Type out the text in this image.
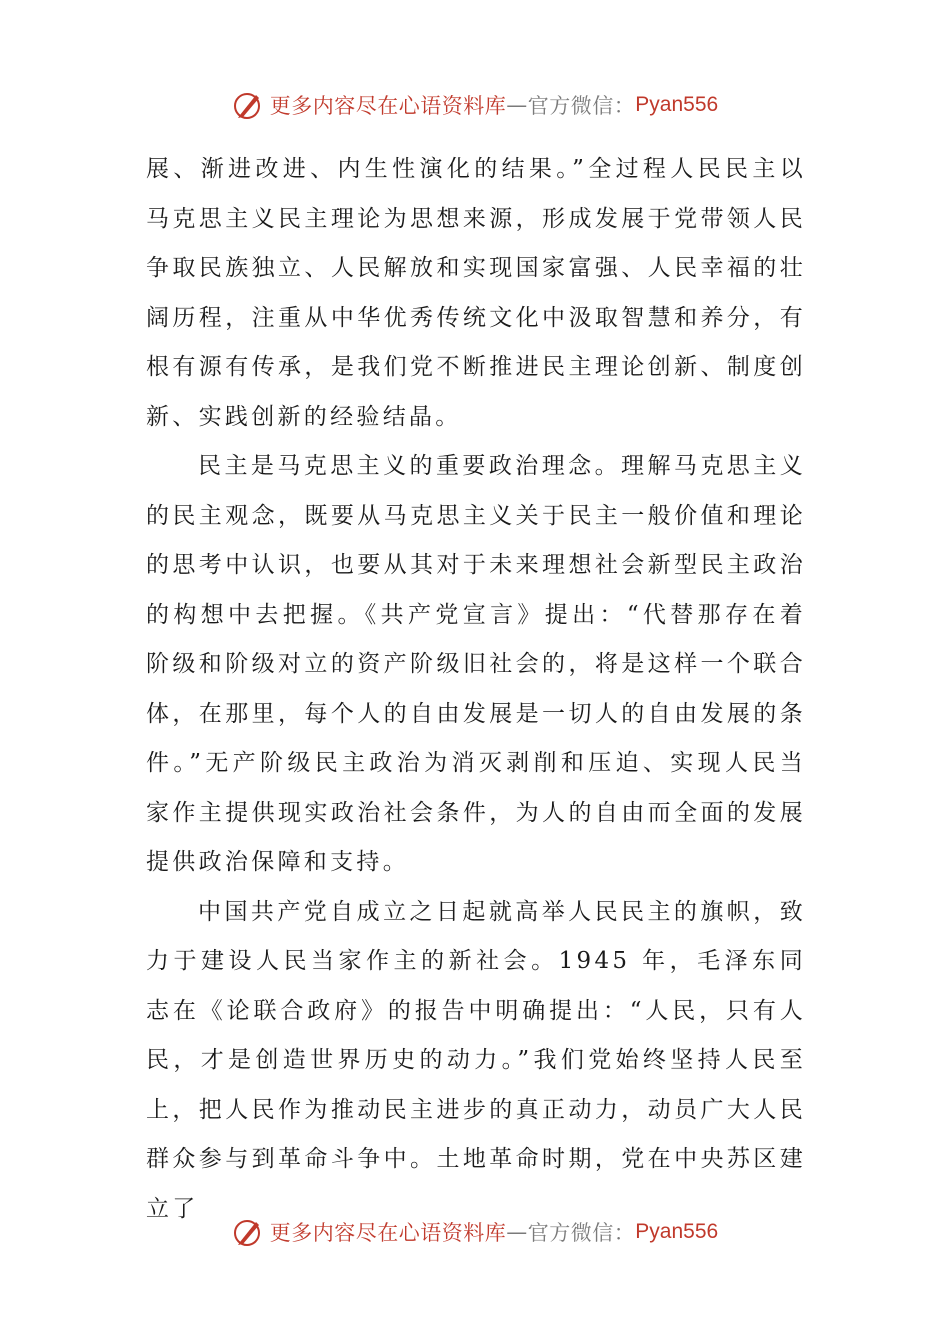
更多内容尽在心语资料库 — 官方微信： Pyan556

展、渐进改进、内生性演化的结果。”全过程人民民主以马克思主义民主理论为思想来源，形成发展于党带领人民争取民族独立、人民解放和实现国家富强、人民幸福的壮阔历程，注重从中华优秀传统文化中汲取智慧和养分，有根有源有传承，是我们党不断推进民主理论创新、制度创新、实践创新的经验结晶。

民主是马克思主义的重要政治理念。理解马克思主义的民主观念，既要从马克思主义关于民主一般价值和理论的思考中认识，也要从其对于未来理想社会新型民主政治的构想中去把握。《共产党宣言》提出：“代替那存在着阶级和阶级对立的资产阶级旧社会的，将是这样一个联合体，在那里，每个人的自由发展是一切人的自由发展的条件。”无产阶级民主政治为消灭剥削和压迫、实现人民当家作主提供现实政治社会条件，为人的自由而全面的发展提供政治保障和支持。

中国共产党自成立之日起就高举人民民主的旗帜，致力于建设人民当家作主的新社会。1945 年，毛泽东同志在《论联合政府》的报告中明确提出：“人民，只有人民，才是创造世界历史的动力。”我们党始终坚持人民至上，把人民作为推动民主进步的真正动力，动员广大人民群众参与到革命斗争中。土地革命时期，党在中央苏区建立了

更多内容尽在心语资料库 — 官方微信： Pyan556
